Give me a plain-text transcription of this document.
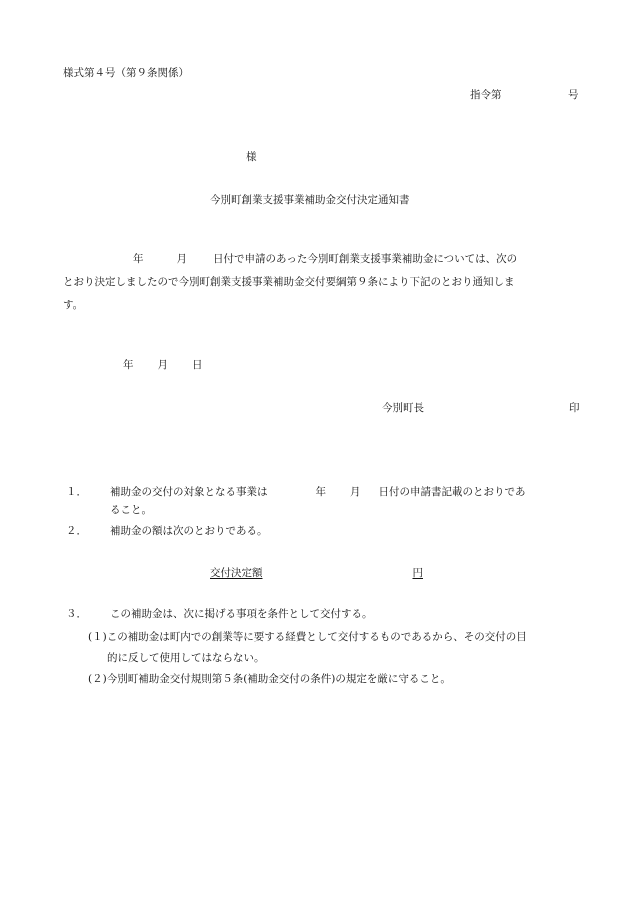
様式第４号（第９条関係）
指令第	号
様
今別町創業支援事業補助金交付決定通知書
年	月 日付で申請のあった今別町創業支援事業補助金については、次の
とおり決定しましたので今別町創業支援事業補助金交付要綱第９条により下記のとおり通知しま
す。
年 月 日
今別町長	印
１． 補助金の交付の対象となる事業は	年 月 日付の申請書記載のとおりであ
ること。
２． 補助金の額は次のとおりである。
交付決定額	円
３． この補助金は、次に掲げる事項を条件として交付する。
(１)この補助金は町内での創業等に要する経費として交付するものであるから、その交付の目
的に反して使用してはならない。
(２)今別町補助金交付規則第５条(補助金交付の条件)の規定を厳に守ること。
